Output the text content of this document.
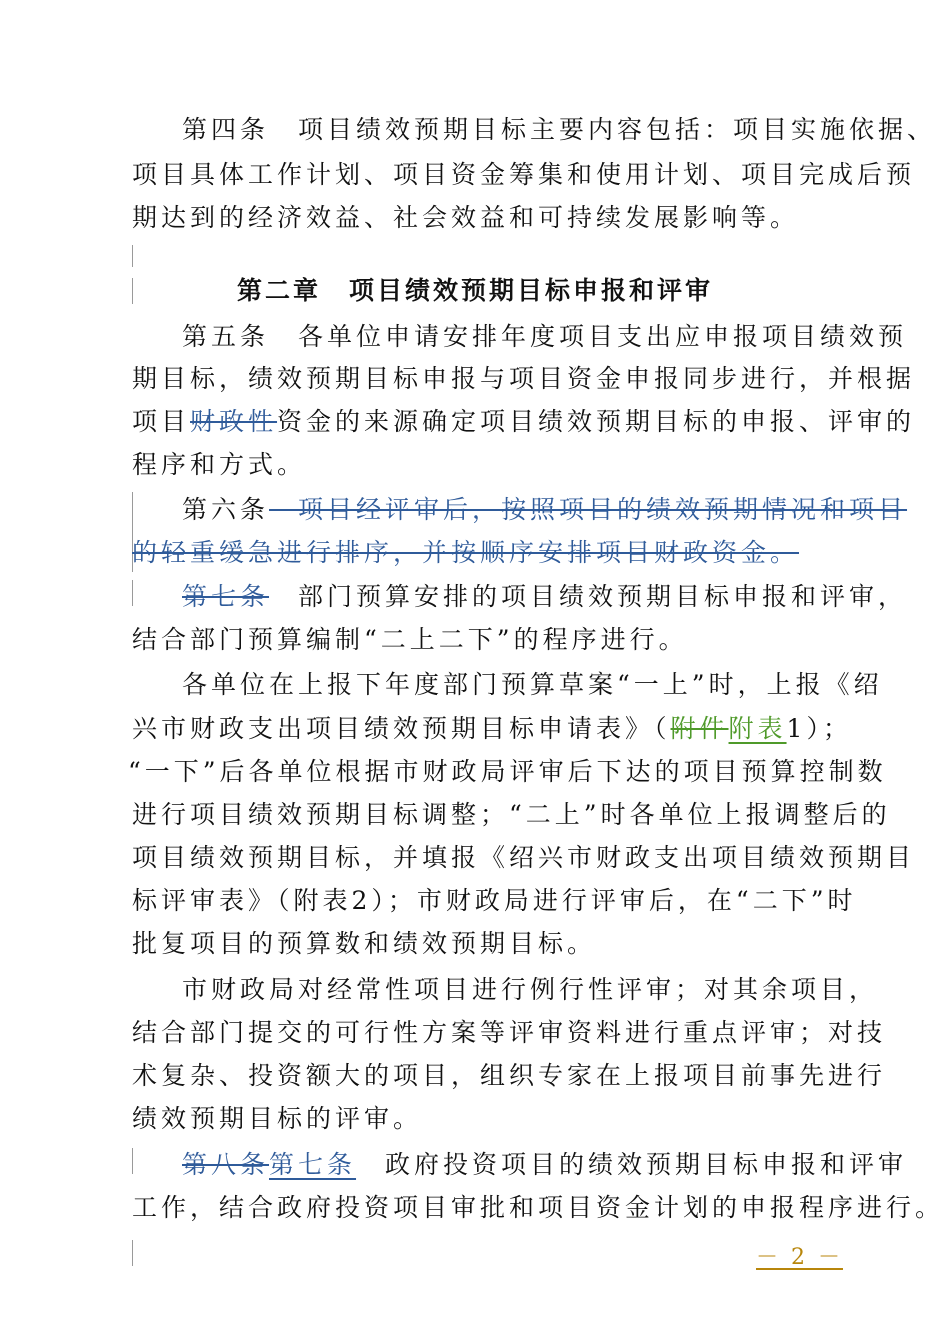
第四条　项目绩效预期目标主要内容包括：项目实施依据、
项目具体工作计划、项目资金筹集和使用计划、项目完成后预
期达到的经济效益、社会效益和可持续发展影响等。
第二章　项目绩效预期目标申报和评审
第五条　各单位申请安排年度项目支出应申报项目绩效预
期目标，绩效预期目标申报与项目资金申报同步进行，并根据
项目财政性资金的来源确定项目绩效预期目标的申报、评审的
程序和方式。
第六条　项目经评审后，按照项目的绩效预期情况和项目
的轻重缓急进行排序，并按顺序安排项目财政资金。
第七条　部门预算安排的项目绩效预期目标申报和评审，
结合部门预算编制“二上二下”的程序进行。
各单位在上报下年度部门预算草案“一上”时，上报《绍
兴市财政支出项目绩效预期目标申请表》（附件附表1）；
“一下”后各单位根据市财政局评审后下达的项目预算控制数
进行项目绩效预期目标调整；“二上”时各单位上报调整后的
项目绩效预期目标，并填报《绍兴市财政支出项目绩效预期目
标评审表》（附表2）；市财政局进行评审后，在“二下”时
批复项目的预算数和绩效预期目标。
市财政局对经常性项目进行例行性评审；对其余项目，
结合部门提交的可行性方案等评审资料进行重点评审；对技
术复杂、投资额大的项目，组织专家在上报项目前事先进行
绩效预期目标的评审。
第八条第七条　政府投资项目的绩效预期目标申报和评审
工作，结合政府投资项目审批和项目资金计划的申报程序进行。
－ 2 －
